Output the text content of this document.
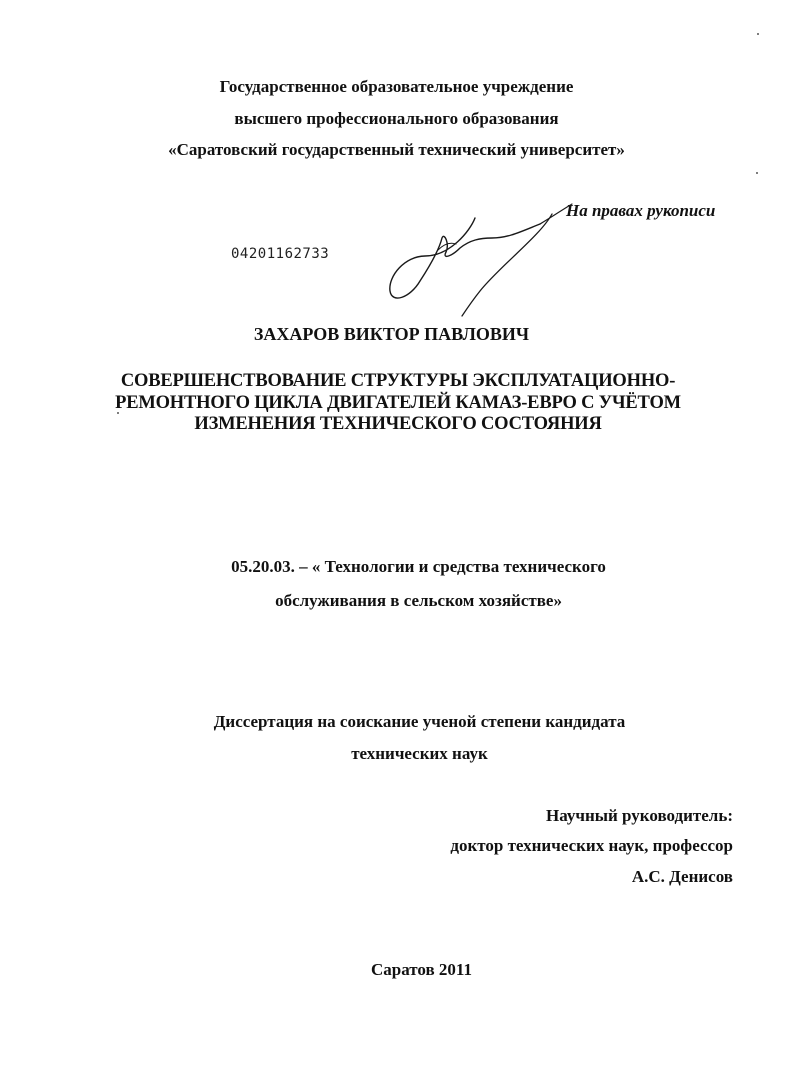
Государственное образовательное учреждение
высшего профессионального образования
«Саратовский государственный технический университет»
На правах рукописи
04201162733
ЗАХАРОВ ВИКТОР ПАВЛОВИЧ
СОВЕРШЕНСТВОВАНИЕ СТРУКТУРЫ ЭКСПЛУАТАЦИОННО-
РЕМОНТНОГО ЦИКЛА ДВИГАТЕЛЕЙ КАМАЗ-ЕВРО С УЧЁТОМ
ИЗМЕНЕНИЯ ТЕХНИЧЕСКОГО СОСТОЯНИЯ
05.20.03. – « Технологии и средства технического
обслуживания в сельском хозяйстве»
Диссертация на соискание ученой степени кандидата
технических наук
Научный руководитель:
доктор технических наук, профессор
А.С. Денисов
Саратов 2011
